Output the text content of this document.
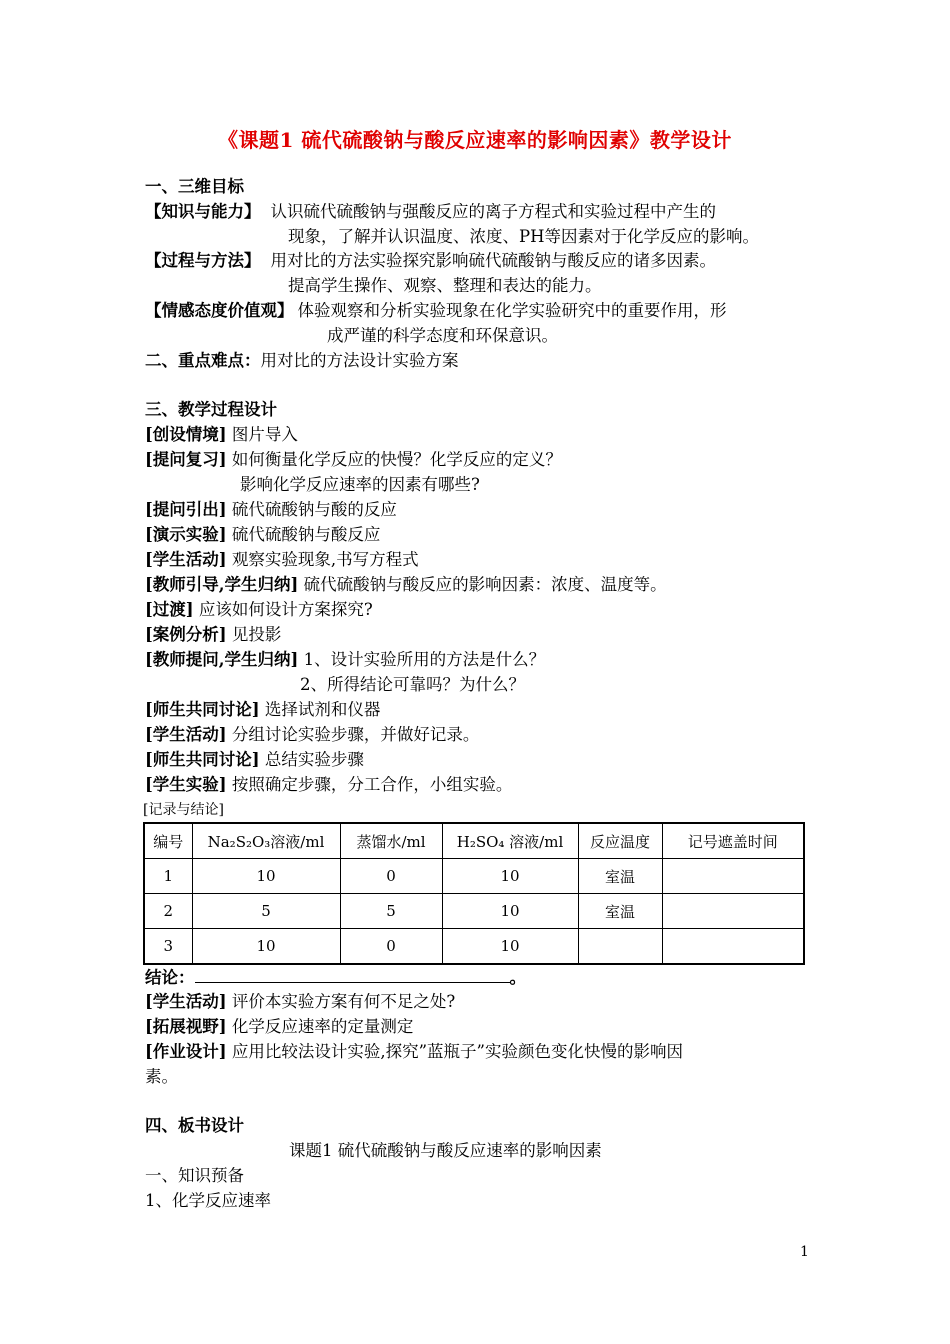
《课题1 硫代硫酸钠与酸反应速率的影响因素》教学设计
一、三维目标
【知识与能力】 认识硫代硫酸钠与强酸反应的离子方程式和实验过程中产生的
现象，了解并认识温度、浓度、PH等因素对于化学反应的影响。
【过程与方法】 用对比的方法实验探究影响硫代硫酸钠与酸反应的诸多因素。
提高学生操作、观察、整理和表达的能力。
【情感态度价值观】 体验观察和分析实验现象在化学实验研究中的重要作用，形
成严谨的科学态度和环保意识。
二、重点难点：用对比的方法设计实验方案
三、教学过程设计
[创设情境] 图片导入
[提问复习] 如何衡量化学反应的快慢？化学反应的定义？
影响化学反应速率的因素有哪些?
[提问引出] 硫代硫酸钠与酸的反应
[演示实验] 硫代硫酸钠与酸反应
[学生活动] 观察实验现象,书写方程式
[教师引导,学生归纳] 硫代硫酸钠与酸反应的影响因素：浓度、温度等。
[过渡] 应该如何设计方案探究?
[案例分析] 见投影
[教师提问,学生归纳] 1、设计实验所用的方法是什么？
2、所得结论可靠吗？为什么？
[师生共同讨论] 选择试剂和仪器
[学生活动] 分组讨论实验步骤，并做好记录。
[师生共同讨论] 总结实验步骤
[学生实验] 按照确定步骤，分工合作，小组实验。
[记录与结论]
编号	Na₂S₂O₃溶液/ml	蒸馏水/ml	H₂SO₄ 溶液/ml	反应温度	记号遮盖时间
1	10	0	10	室温	
2	5	5	10	室温	
3	10	0	10		
结论：	。
[学生活动] 评价本实验方案有何不足之处?
[拓展视野] 化学反应速率的定量测定
[作业设计] 应用比较法设计实验,探究”蓝瓶子”实验颜色变化快慢的影响因
素。
四、板书设计
课题1 硫代硫酸钠与酸反应速率的影响因素
一、知识预备
1、化学反应速率
1
